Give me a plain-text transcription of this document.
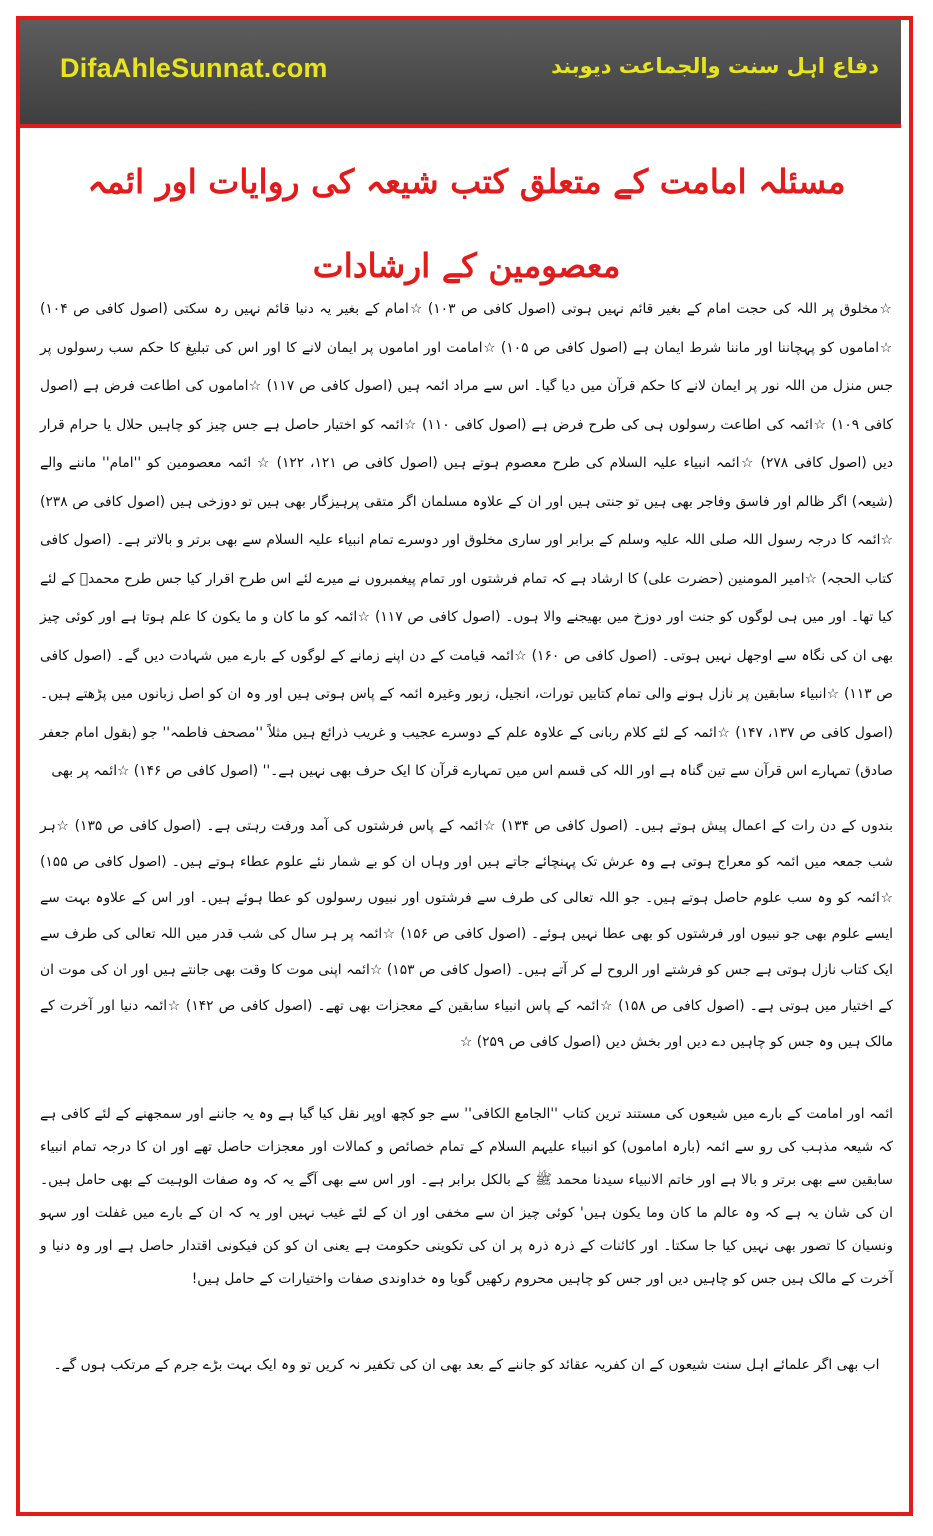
DifaAhleSunnat.com	دفاع اہل سنت والجماعت دیوبند
مسئلہ امامت کے متعلق کتب شیعہ کی روایات اور ائمہ معصومین کے ارشادات
☆مخلوق پر اللہ کی حجت امام کے بغیر قائم نہیں ہوتی (اصول کافی ص ۱۰۳) ☆امام کے بغیر یہ دنیا قائم نہیں رہ سکتی (اصول کافی ص ۱۰۴) ☆اماموں کو پہچاننا اور ماننا شرط ایمان ہے (اصول کافی ص ۱۰۵) ☆امامت اور اماموں پر ایمان لانے کا اور اس کی تبلیغ کا حکم سب رسولوں پر جس منزل من اللہ نور پر ایمان لانے کا حکم قرآن میں دیا گیا۔ اس سے مراد ائمہ ہیں (اصول کافی ص ۱۱۷) ☆اماموں کی اطاعت فرض ہے (اصول کافی ۱۰۹) ☆ائمہ کی اطاعت رسولوں ہی کی طرح فرض ہے (اصول کافی ۱۱۰) ☆ائمہ کو اختیار حاصل ہے جس چیز کو چاہیں حلال یا حرام قرار دیں (اصول کافی ۲۷۸) ☆ائمہ انبیاء علیہ السلام کی طرح معصوم ہوتے ہیں (اصول کافی ص ۱۲۱، ۱۲۲) ☆ ائمہ معصومین کو ''امام'' ماننے والے (شیعہ) اگر ظالم اور فاسق وفاجر بھی ہیں تو جنتی ہیں اور ان کے علاوہ مسلمان اگر متقی پرہیزگار بھی ہیں تو دوزخی ہیں (اصول کافی ص ۲۳۸) ☆ائمہ کا درجہ رسول اللہ صلی اللہ علیہ وسلم کے برابر اور ساری مخلوق اور دوسرے تمام انبیاء علیہ السلام سے بھی برتر و بالاتر ہے۔ (اصول کافی کتاب الحجہ) ☆امیر المومنین (حضرت علی) کا ارشاد ہے کہ تمام فرشتوں اور تمام پیغمبروں نے میرے لئے اس طرح اقرار کیا جس طرح محمدؐ کے لئے کیا تھا۔ اور میں ہی لوگوں کو جنت اور دوزخ میں بھیجنے والا ہوں۔ (اصول کافی ص ۱۱۷) ☆ائمہ کو ما کان و ما یکون کا علم ہوتا ہے اور کوئی چیز بھی ان کی نگاہ سے اوجھل نہیں ہوتی۔ (اصول کافی ص ۱۶۰) ☆ائمہ قیامت کے دن اپنے زمانے کے لوگوں کے بارے میں شہادت دیں گے۔ (اصول کافی ص ۱۱۳) ☆انبیاء سابقین پر نازل ہونے والی تمام کتابیں تورات، انجیل، زبور وغیرہ ائمہ کے پاس ہوتی ہیں اور وہ ان کو اصل زبانوں میں پڑھتے ہیں۔ (اصول کافی ص ۱۳۷، ۱۴۷) ☆ائمہ کے لئے کلام ربانی کے علاوہ علم کے دوسرے عجیب و غریب ذرائع ہیں مثلاً ''مصحف فاطمہ'' جو (بقول امام جعفر صادق) تمہارے اس قرآن سے تین گناہ ہے اور اللہ کی قسم اس میں تمہارے قرآن کا ایک حرف بھی نہیں ہے۔'' (اصول کافی ص ۱۴۶) ☆ائمہ پر بھی
بندوں کے دن رات کے اعمال پیش ہوتے ہیں۔ (اصول کافی ص ۱۳۴) ☆ائمہ کے پاس فرشتوں کی آمد ورفت رہتی ہے۔ (اصول کافی ص ۱۳۵) ☆ہر شب جمعہ میں ائمہ کو معراج ہوتی ہے وہ عرش تک پہنچائے جاتے ہیں اور وہاں ان کو بے شمار نئے علوم عطاء ہوتے ہیں۔ (اصول کافی ص ۱۵۵) ☆ائمہ کو وہ سب علوم حاصل ہوتے ہیں۔ جو اللہ تعالی کی طرف سے فرشتوں اور نبیوں رسولوں کو عطا ہوئے ہیں۔ اور اس کے علاوہ بہت سے ایسے علوم بھی جو نبیوں اور فرشتوں کو بھی عطا نہیں ہوئے۔ (اصول کافی ص ۱۵۶) ☆ائمہ پر ہر سال کی شب قدر میں اللہ تعالی کی طرف سے ایک کتاب نازل ہوتی ہے جس کو فرشتے اور الروح لے کر آتے ہیں۔ (اصول کافی ص ۱۵۳) ☆ائمہ اپنی موت کا وقت بھی جانتے ہیں اور ان کی موت ان کے اختیار میں ہوتی ہے۔ (اصول کافی ص ۱۵۸) ☆ائمہ کے پاس انبیاء سابقین کے معجزات بھی تھے۔ (اصول کافی ص ۱۴۲) ☆ائمہ دنیا اور آخرت کے مالک ہیں وہ جس کو چاہیں دے دیں اور بخش دیں (اصول کافی ص ۲۵۹) ☆
ائمہ اور امامت کے بارے میں شیعوں کی مستند ترین کتاب ''الجامع الکافی'' سے جو کچھ اوپر نقل کیا گیا ہے وہ یہ جاننے اور سمجھنے کے لئے کافی ہے کہ شیعہ مذہب کی رو سے ائمہ (بارہ اماموں) کو انبیاء علیہم السلام کے تمام خصائص و کمالات اور معجزات حاصل تھے اور ان کا درجہ تمام انبیاء سابقین سے بھی برتر و بالا ہے اور خاتم الانبیاء سیدنا محمد ﷺ کے بالکل برابر ہے۔ اور اس سے بھی آگے یہ کہ وہ صفات الوہیت کے بھی حامل ہیں۔ ان کی شان یہ ہے کہ وہ عالم ما کان وما یکون ہیں' کوئی چیز ان سے مخفی اور ان کے لئے غیب نہیں اور یہ کہ ان کے بارے میں غفلت اور سہو ونسیان کا تصور بھی نہیں کیا جا سکتا۔ اور کائنات کے ذرہ ذرہ پر ان کی تکوینی حکومت ہے یعنی ان کو کن فیکونی اقتدار حاصل ہے اور وہ دنیا و آخرت کے مالک ہیں جس کو چاہیں دیں اور جس کو چاہیں محروم رکھیں گویا وہ خداوندی صفات واختیارات کے حامل ہیں!
اب بھی اگر علمائے اہل سنت شیعوں کے ان کفریہ عقائد کو جاننے کے بعد بھی ان کی تکفیر نہ کریں تو وہ ایک بہت بڑے جرم کے مرتکب ہوں گے۔
